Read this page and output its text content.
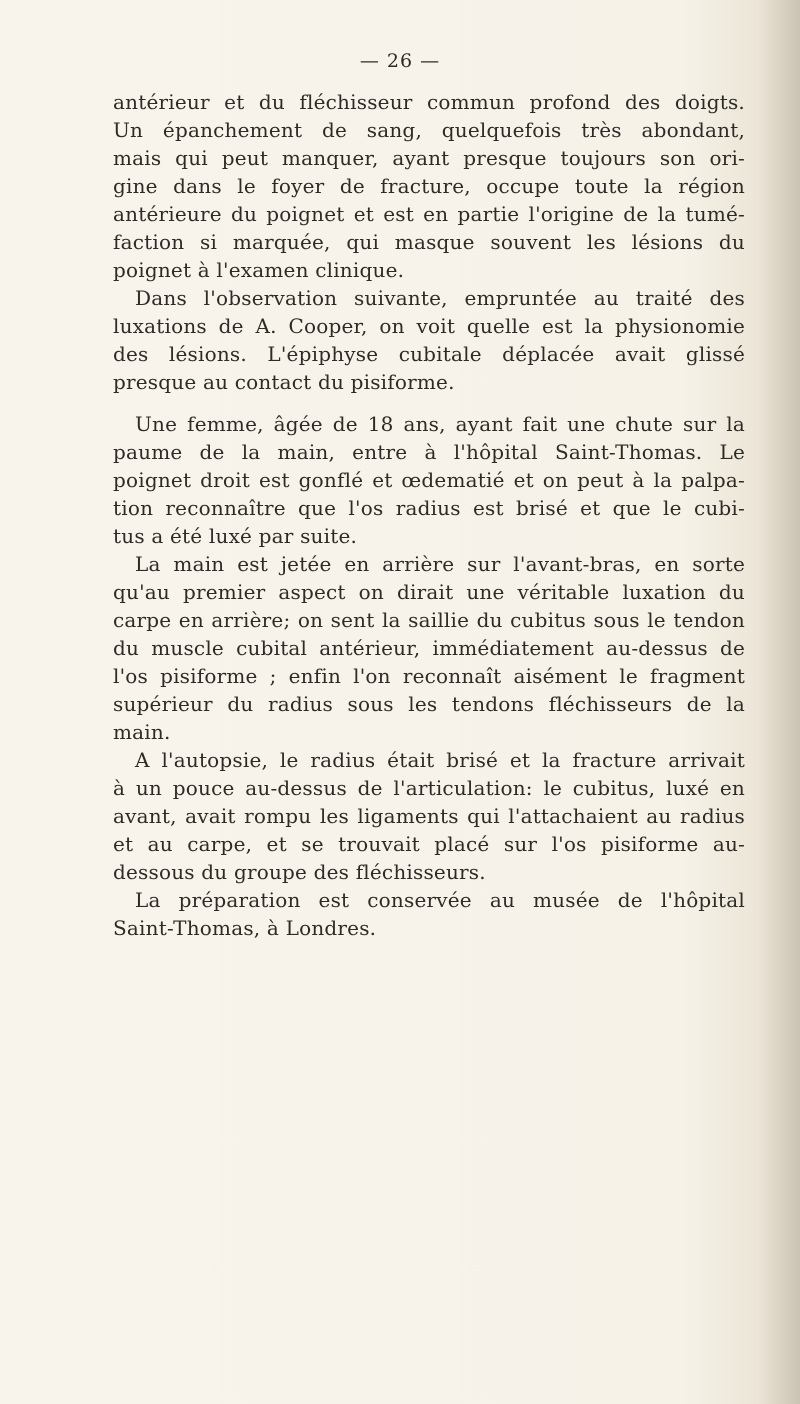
— 26 —
antérieur et du fléchisseur commun profond des doigts.
Un épanchement de sang, quelquefois très abondant,
mais qui peut manquer, ayant presque toujours son ori-
gine dans le foyer de fracture, occupe toute la région
antérieure du poignet et est en partie l'origine de la tumé-
faction si marquée, qui masque souvent les lésions du
poignet à l'examen clinique.
Dans l'observation suivante, empruntée au traité des
luxations de A. Cooper, on voit quelle est la physionomie
des lésions. L'épiphyse cubitale déplacée avait glissé
presque au contact du pisiforme.
Une femme, âgée de 18 ans, ayant fait une chute sur la
paume de la main, entre à l'hôpital Saint-Thomas. Le
poignet droit est gonflé et œdematié et on peut à la palpa-
tion reconnaître que l'os radius est brisé et que le cubi-
tus a été luxé par suite.
La main est jetée en arrière sur l'avant-bras, en sorte
qu'au premier aspect on dirait une véritable luxation du
carpe en arrière; on sent la saillie du cubitus sous le tendon
du muscle cubital antérieur, immédiatement au-dessus de
l'os pisiforme ; enfin l'on reconnaît aisément le fragment
supérieur du radius sous les tendons fléchisseurs de la
main.
A l'autopsie, le radius était brisé et la fracture arrivait
à un pouce au-dessus de l'articulation: le cubitus, luxé en
avant, avait rompu les ligaments qui l'attachaient au radius
et au carpe, et se trouvait placé sur l'os pisiforme au-
dessous du groupe des fléchisseurs.
La préparation est conservée au musée de l'hôpital
Saint-Thomas, à Londres.
